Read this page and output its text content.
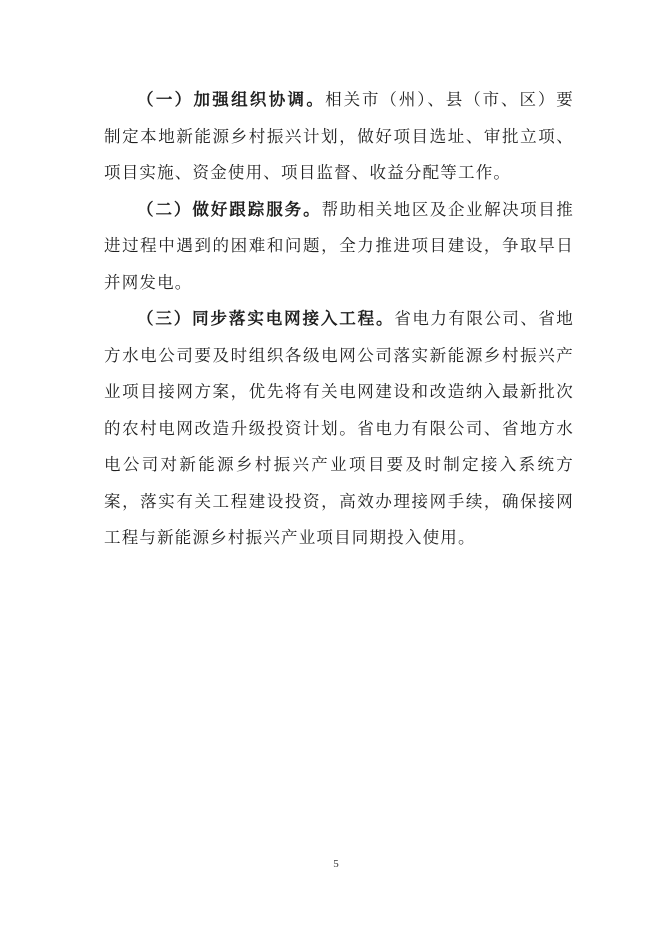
（一）加强组织协调。相关市（州）、县（市、区）要制定本地新能源乡村振兴计划，做好项目选址、审批立项、项目实施、资金使用、项目监督、收益分配等工作。

（二）做好跟踪服务。帮助相关地区及企业解决项目推进过程中遇到的困难和问题，全力推进项目建设，争取早日并网发电。

（三）同步落实电网接入工程。省电力有限公司、省地方水电公司要及时组织各级电网公司落实新能源乡村振兴产业项目接网方案，优先将有关电网建设和改造纳入最新批次的农村电网改造升级投资计划。省电力有限公司、省地方水电公司对新能源乡村振兴产业项目要及时制定接入系统方案，落实有关工程建设投资，高效办理接网手续，确保接网工程与新能源乡村振兴产业项目同期投入使用。

5
